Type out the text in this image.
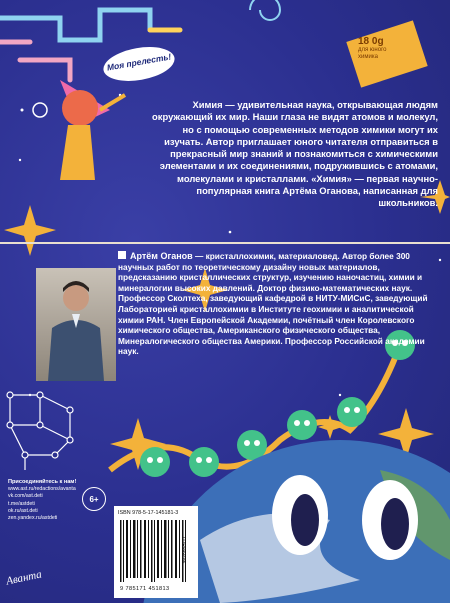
Моя прелесть!
18 0g
для юного химика
Химия — удивительная наука, открывающая людям окружающий их мир. Наши глаза не видят атомов и молекул, но с помощью современных методов химики могут их изучать. Автор приглашает юного читателя отправиться в прекрасный мир знаний и познакомиться с химическими элементами и их соединениями, подружившись с атомами, молекулами и кристаллами. «Химия» — первая научно-популярная книга Артёма Оганова, написанная для школьников.
Артём Оганов — кристаллохимик, материаловед. Автор более 300 научных работ по теоретическому дизайну новых материалов, предсказанию кристаллических структур, изучению наночастиц, химии и минералогии высоких давлений. Доктор физико-математических наук. Профессор Сколтеха, заведующий кафедрой в НИТУ-МИСиС, заведующий Лабораторией кристаллохимии в Институте геохимии и аналитической химии РАН. Член Европейской Академии, почётный член Королевского химического общества, Американского физического общества, Минералогического общества Америки. Профессор Российской академии наук.
Присоединяйтесь к нам!
www.ast.ru/redactions/avanta
vk.com/ast.deti
t.me/astdeti
ok.ru/ast.deti
zen.yandex.ru/astdeti
6+
ISBN 978-5-17-145181-3
9 785171 451813
П2Р999486
Аванта
